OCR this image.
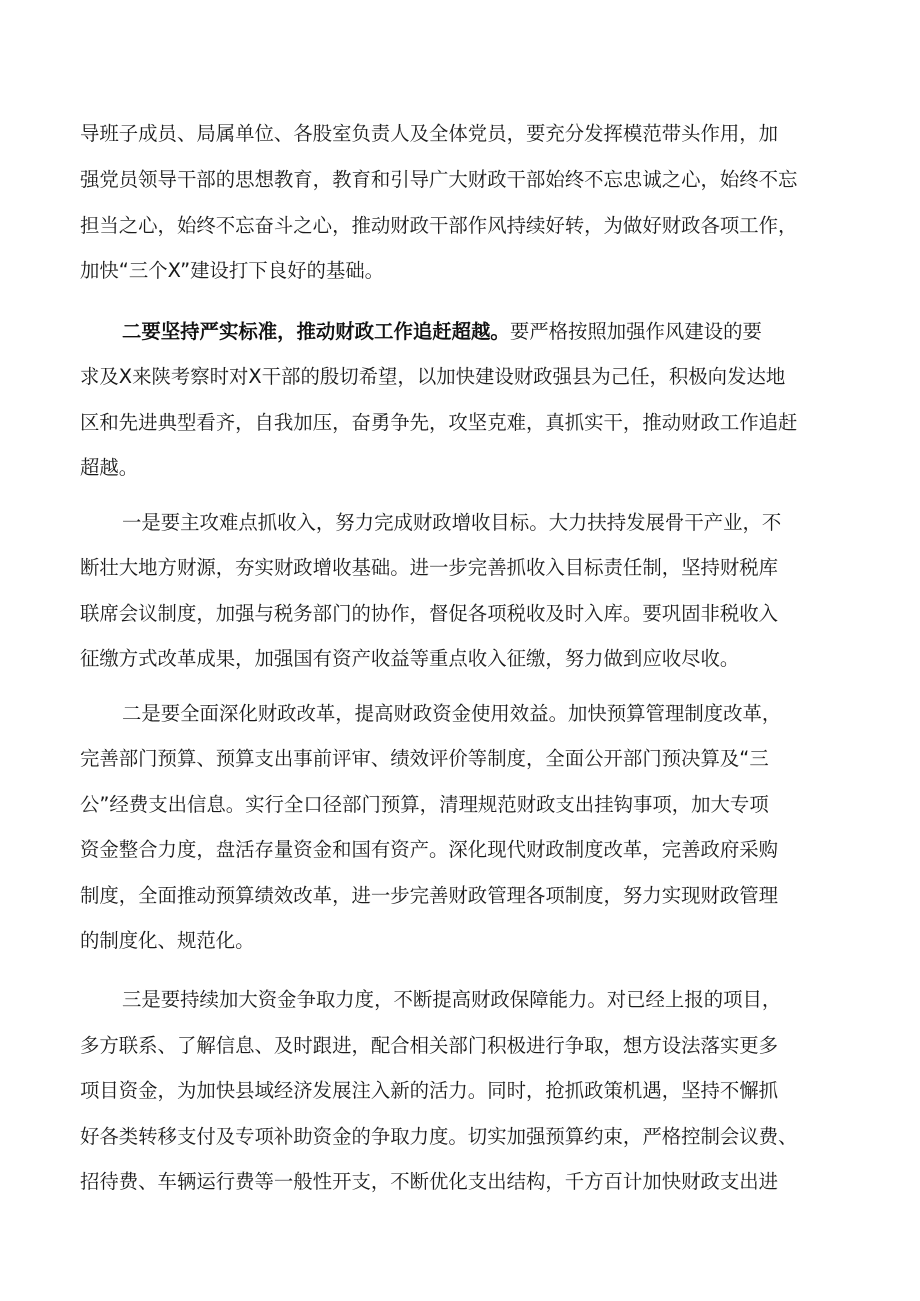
导班子成员、局属单位、各股室负责人及全体党员，要充分发挥模范带头作用，加
强党员领导干部的思想教育，教育和引导广大财政干部始终不忘忠诚之心，始终不忘
担当之心，始终不忘奋斗之心，推动财政干部作风持续好转，为做好财政各项工作，
加快“三个X”建设打下良好的基础。
二要坚持严实标准，推动财政工作追赶超越。要严格按照加强作风建设的要
求及X来陕考察时对X干部的殷切希望，以加快建设财政强县为己任，积极向发达地
区和先进典型看齐，自我加压，奋勇争先，攻坚克难，真抓实干，推动财政工作追赶
超越。
一是要主攻难点抓收入，努力完成财政增收目标。大力扶持发展骨干产业，不
断壮大地方财源，夯实财政增收基础。进一步完善抓收入目标责任制，坚持财税库
联席会议制度，加强与税务部门的协作，督促各项税收及时入库。要巩固非税收入
征缴方式改革成果，加强国有资产收益等重点收入征缴，努力做到应收尽收。
二是要全面深化财政改革，提高财政资金使用效益。加快预算管理制度改革，
完善部门预算、预算支出事前评审、绩效评价等制度，全面公开部门预决算及“三
公”经费支出信息。实行全口径部门预算，清理规范财政支出挂钩事项，加大专项
资金整合力度，盘活存量资金和国有资产。深化现代财政制度改革，完善政府采购
制度，全面推动预算绩效改革，进一步完善财政管理各项制度，努力实现财政管理
的制度化、规范化。
三是要持续加大资金争取力度，不断提高财政保障能力。对已经上报的项目，
多方联系、了解信息、及时跟进，配合相关部门积极进行争取，想方设法落实更多
项目资金，为加快县域经济发展注入新的活力。同时，抢抓政策机遇，坚持不懈抓
好各类转移支付及专项补助资金的争取力度。切实加强预算约束，严格控制会议费、
招待费、车辆运行费等一般性开支，不断优化支出结构，千方百计加快财政支出进
